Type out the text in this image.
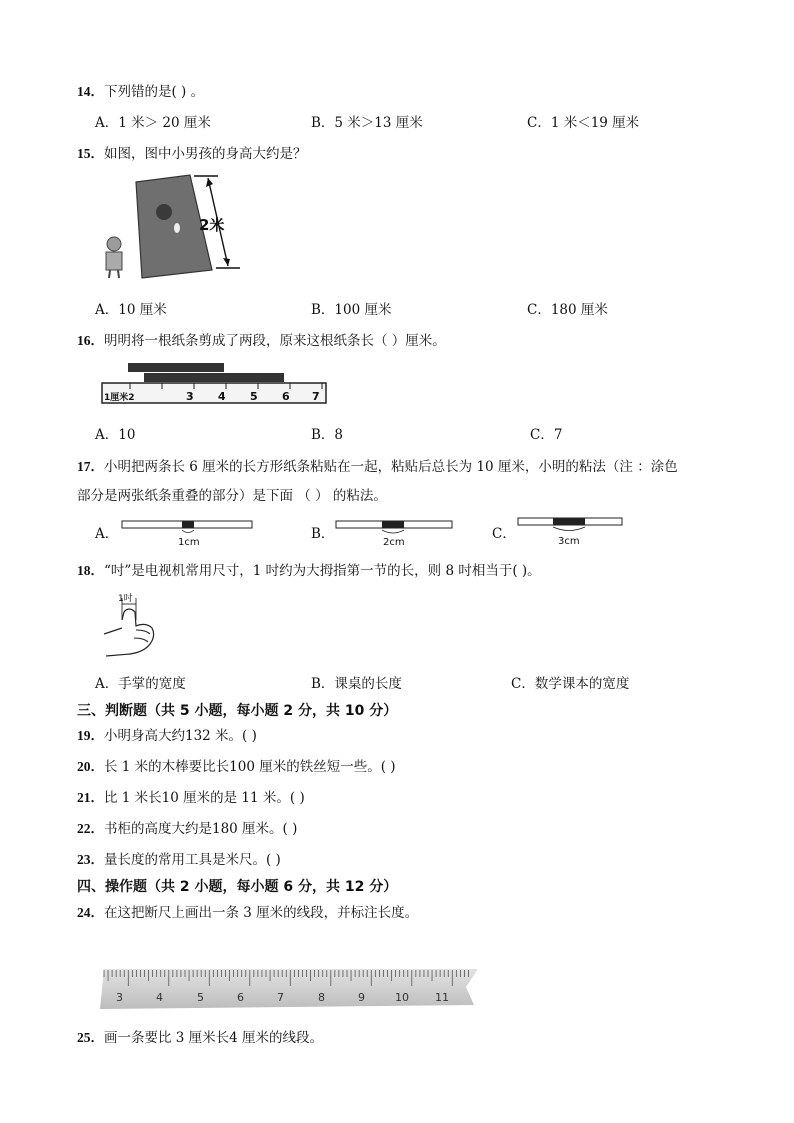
14．下列错的是( ) 。
A．1 米＞ 20 厘米	B．5 米＞13 厘米	C．1 米＜19 厘米
15．如图，图中小男孩的身高大约是？
2米
A．10 厘米	B．100 厘米	C．180 厘米
16．明明将一根纸条剪成了两段，原来这根纸条长（ ）厘米。
1厘米2	3 4 5 6 7
A．10	B．8	C．7
17．小明把两条长 6 厘米的长方形纸条粘贴在一起，粘贴后总长为 10 厘米，小明的粘法（注 ：涂色
部分是两张纸条重叠的部分）是下面 （ ） 的粘法。
A．
1cm
B．
2cm
C．	3cm
18．“吋”是电视机常用尺寸，1 吋约为大拇指第一节的长，则 8 吋相当于( )。
1吋
A．手掌的宽度	B．课桌的长度	C．数学课本的宽度
三、判断题（共 5 小题，每小题 2 分，共 10 分）
19．小明身高大约132 米。( )
20．长 1 米的木棒要比长100 厘米的铁丝短一些。( )
21．比 1 米长10 厘米的是 11 米。( )
22．书柜的高度大约是180 厘米。( )
23．量长度的常用工具是米尺。( )
四、操作题（共 2 小题，每小题 6 分，共 12 分）
24．在这把断尺上画出一条 3 厘米的线段，并标注长度。
3	4	5	6	7	8	9	10 11
25．画一条要比 3 厘米长4 厘米的线段。
